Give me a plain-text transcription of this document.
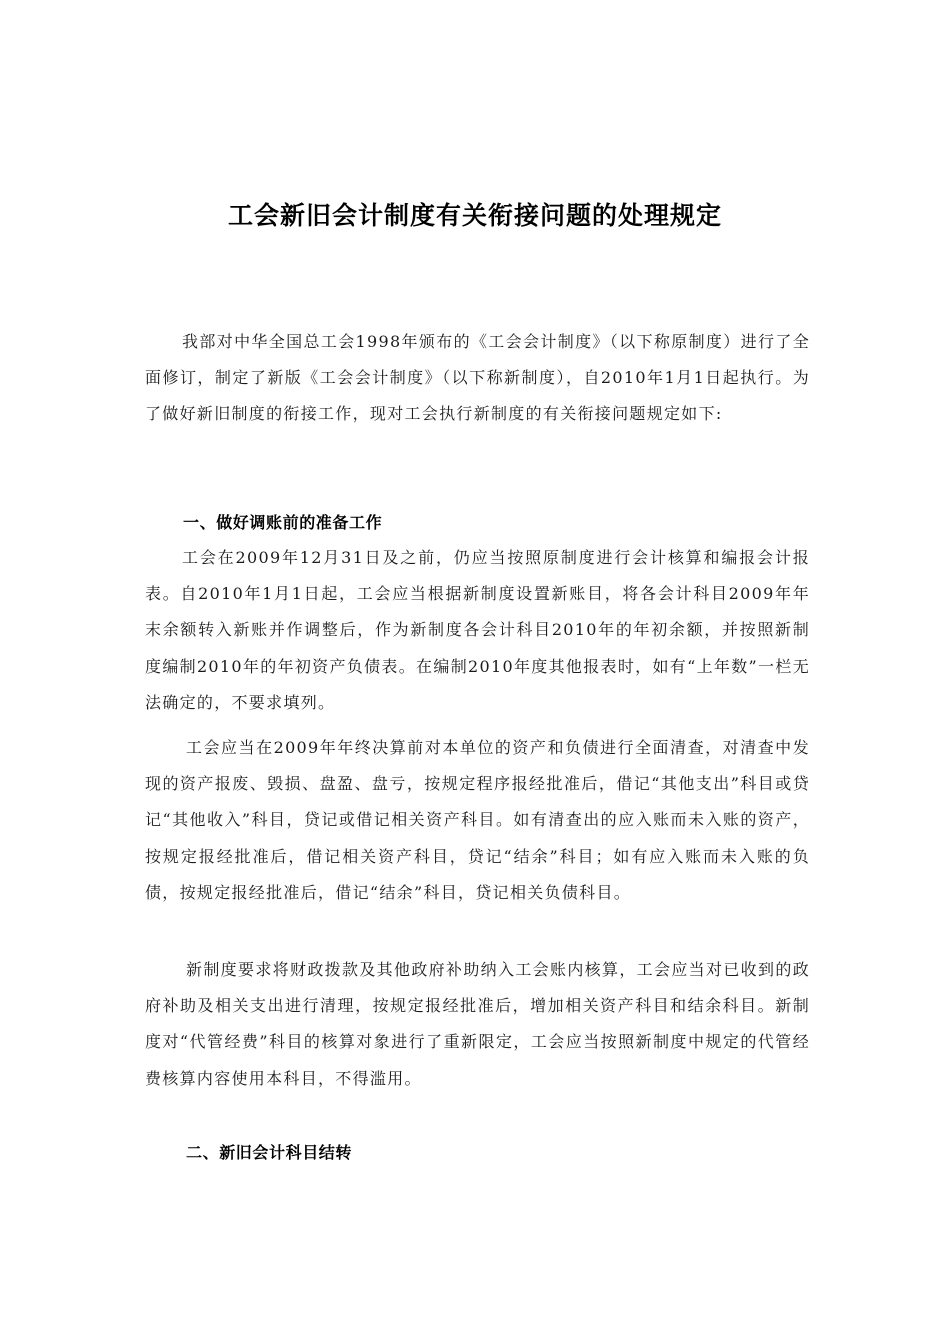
工会新旧会计制度有关衔接问题的处理规定

我部对中华全国总工会1998年颁布的《工会会计制度》（以下称原制度）进行了全面修订，制定了新版《工会会计制度》（以下称新制度），自2010年1月1日起执行。为了做好新旧制度的衔接工作，现对工会执行新制度的有关衔接问题规定如下:

一、做好调账前的准备工作

工会在2009年12月31日及之前，仍应当按照原制度进行会计核算和编报会计报表。自2010年1月1日起，工会应当根据新制度设置新账目，将各会计科目2009年年末余额转入新账并作调整后，作为新制度各会计科目2010年的年初余额，并按照新制度编制2010年的年初资产负债表。在编制2010年度其他报表时，如有“上年数”一栏无法确定的，不要求填列。

工会应当在2009年年终决算前对本单位的资产和负债进行全面清查，对清查中发现的资产报废、毁损、盘盈、盘亏，按规定程序报经批准后，借记“其他支出”科目或贷记“其他收入”科目，贷记或借记相关资产科目。如有清查出的应入账而未入账的资产，按规定报经批准后，借记相关资产科目，贷记“结余”科目；如有应入账而未入账的负债，按规定报经批准后，借记“结余”科目，贷记相关负债科目。

新制度要求将财政拨款及其他政府补助纳入工会账内核算，工会应当对已收到的政府补助及相关支出进行清理，按规定报经批准后，增加相关资产科目和结余科目。新制度对“代管经费”科目的核算对象进行了重新限定，工会应当按照新制度中规定的代管经费核算内容使用本科目，不得滥用。

二、新旧会计科目结转
